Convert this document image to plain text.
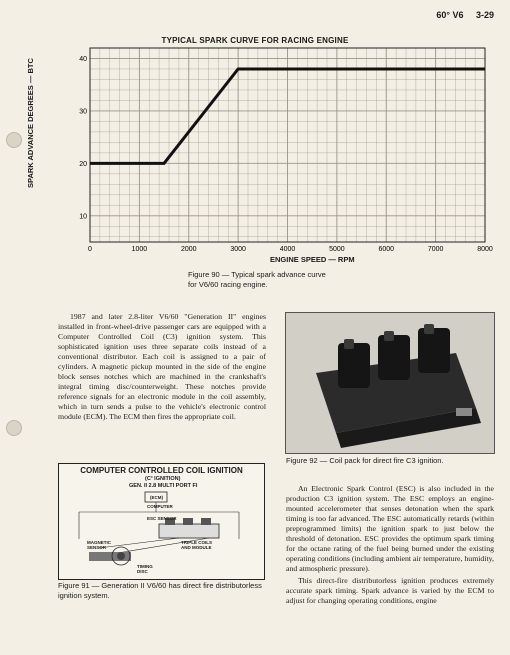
60° V6 3-29
TYPICAL SPARK CURVE FOR RACING ENGINE
0	1000	2000	3000	4000	5000	6000	7000	8000
10
20
30
40
SPARK ADVANCE DEGREES — BTC
ENGINE SPEED — RPM
Figure 90 — Typical spark advance curve for V6/60 racing engine.

1987 and later 2.8-liter V6/60 "Generation II" engines installed in front-wheel-drive passenger cars are equipped with a Computer Controlled Coil (C3) ignition system. This sophisticated ignition uses three separate coils instead of a conventional distributor. Each coil is assigned to a pair of cylinders. A magnetic pickup mounted in the side of the engine block senses notches which are machined in the crankshaft's integral timing disc/counterweight. These notches provide reference signals for an electronic module in the coil assembly, which in turn sends a pulse to the vehicle's electronic control module (ECM). The ECM then fires the appropriate coil.

Figure 92 — Coil pack for direct fire C3 ignition.
COMPUTER CONTROLLED COIL IGNITION
(C³ IGNITION)
GEN. II 2.8 MULTI PORT FI
(ECM)
COMPUTER
ESC SENSOR
TRIPLE COILS AND MODULE
MAGNETIC SENSOR
TIMING DISC
Figure 91 — Generation II V6/60 has direct fire distributorless ignition system.

An Electronic Spark Control (ESC) is also included in the production C3 ignition system. The ESC employs an engine-mounted accelerometer that senses detonation when the spark timing is too far advanced. The ESC automatically retards (within preprogrammed limits) the ignition spark to just below the threshold of detonation. ESC provides the optimum spark timing for the octane rating of the fuel being burned under the existing operating conditions (including ambient air temperature, humidity, and atmospheric pressure).

This direct-fire distributorless ignition produces extremely accurate spark timing. Spark advance is varied by the ECM to adjust for changing operating conditions, engine
